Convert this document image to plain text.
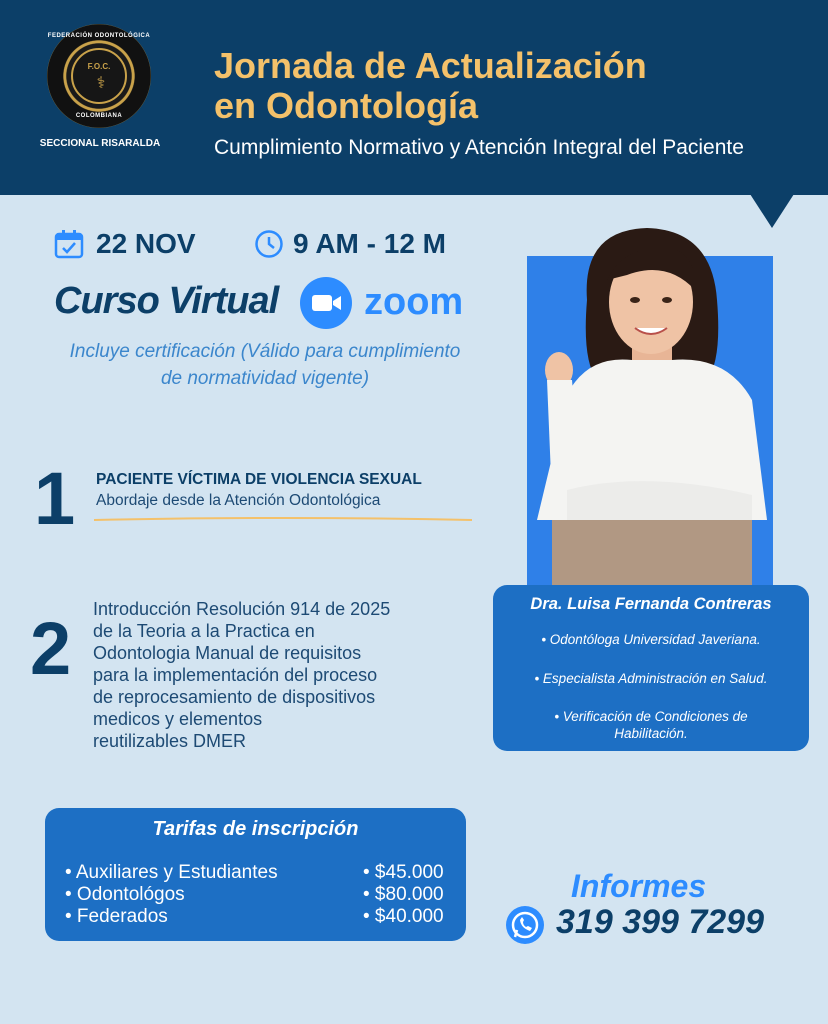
FEDERACIÓN ODONTOLÓGICA
F.O.C.
⚕
COLOMBIANA
SECCIONAL RISARALDA
Jornada de Actualización
en Odontología
Cumplimiento Normativo y Atención Integral del Paciente
22 NOV	9 AM - 12 M
Curso Virtual zoom
Incluye certificación (Válido para cumplimiento
de normatividad vigente)
1 PACIENTE VÍCTIMA DE VIOLENCIA SEXUAL
Abordaje desde la Atención Odontológica
2 Introducción Resolución 914 de 2025
de la Teoria a la Practica en
Odontologia Manual de requisitos
para la implementación del proceso
de reprocesamiento de dispositivos
medicos y elementos
reutilizables DMER
Dra. Luisa Fernanda Contreras
• Odontóloga Universidad Javeriana.
• Especialista Administración en Salud.
• Verificación de Condiciones de
Habilitación.
Tarifas de inscripción
• Auxiliares y Estudiantes	• $45.000
• Odontológos	• $80.000
• Federados	• $40.000
Informes
319 399 7299
